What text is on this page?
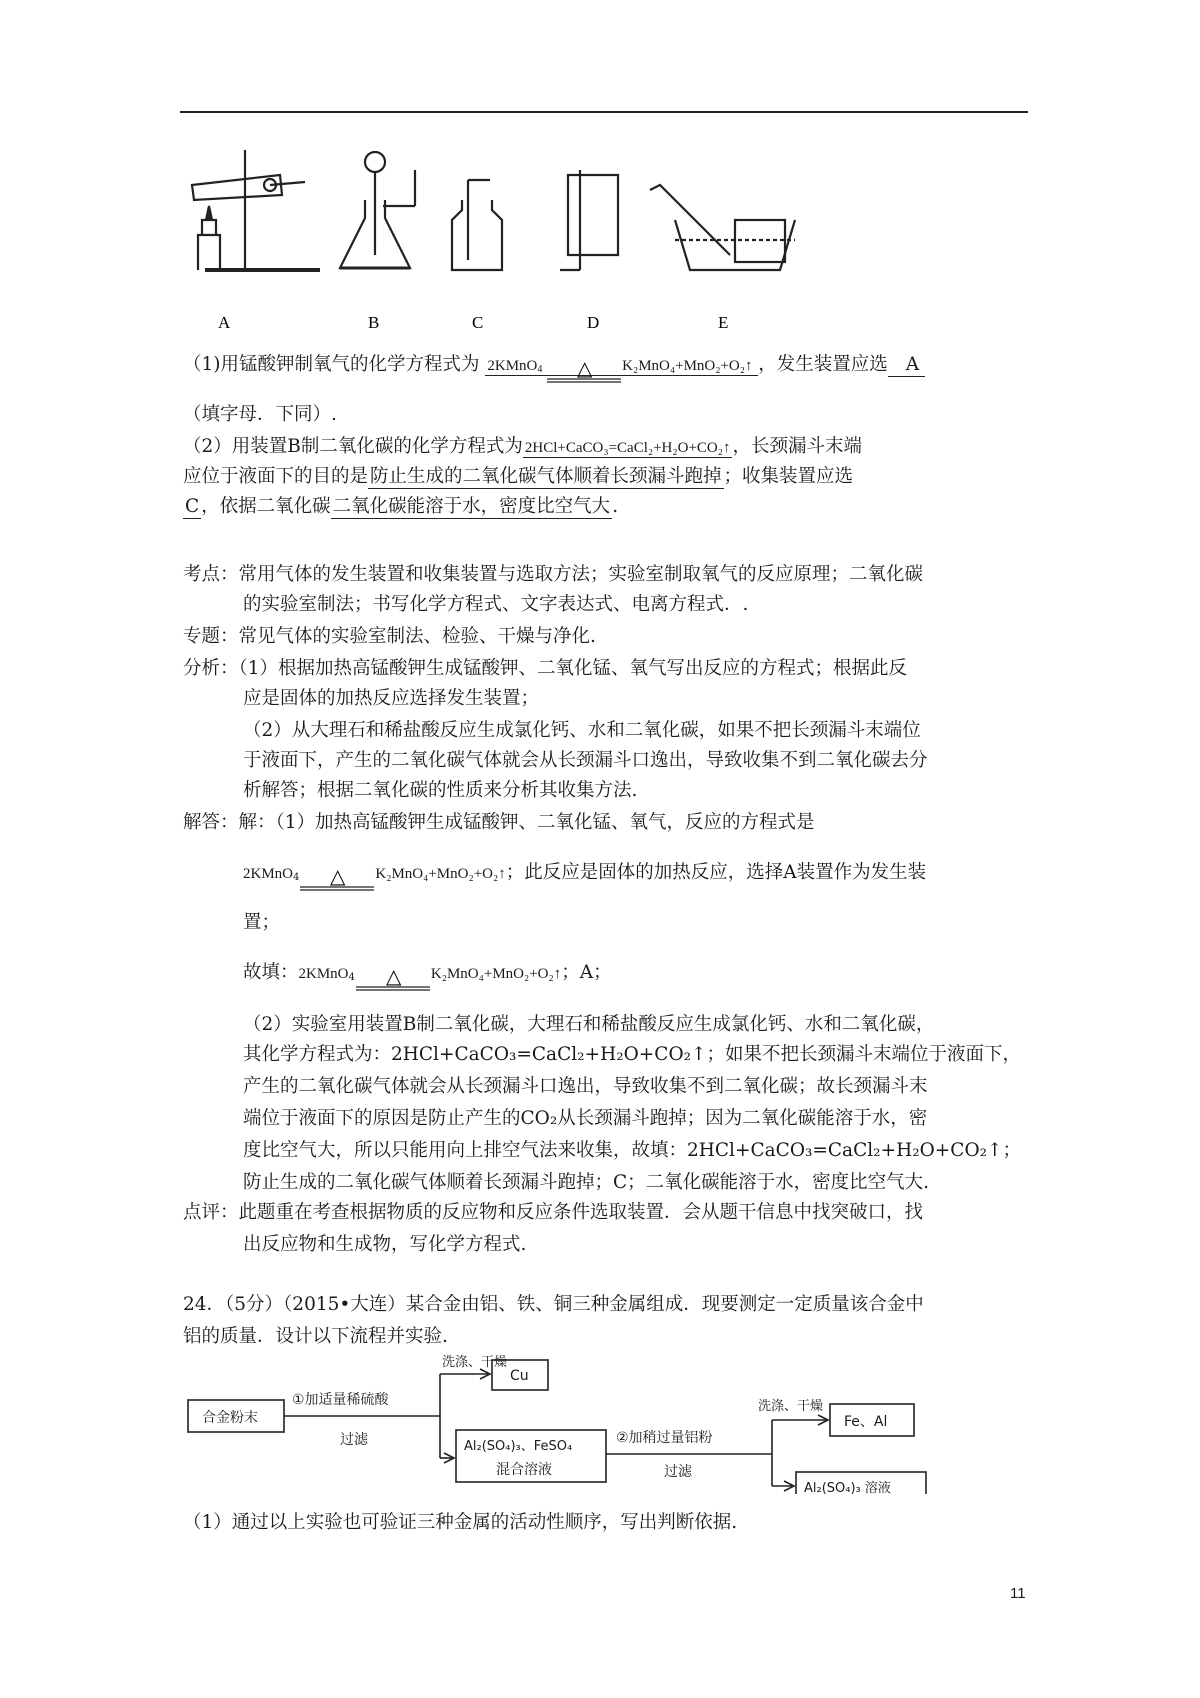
A	B	C	D	E
（1)用锰酸钾制氧气的化学方程式为 2KMnO$_4$ △ K₂MnO₄+MnO₂+O₂↑ ，发生装置应选 A
（填字母．下同）.
（2）用装置B制二氧化碳的化学方程式为 2HCl+CaCO₃=CaCl₂+H₂O+CO₂↑ ，长颈漏斗末端
应位于液面下的目的是 防止生成的二氧化碳气体顺着长颈漏斗跑掉 ；收集装置应选
C ，依据二氧化碳 二氧化碳能溶于水，密度比空气大 .
考点：常用气体的发生装置和收集装置与选取方法；实验室制取氧气的反应原理；二氧化碳
的实验室制法；书写化学方程式、文字表达式、电离方程式．.
专题：常见气体的实验室制法、检验、干燥与净化.
分析：（1）根据加热高锰酸钾生成锰酸钾、二氧化锰、氧气写出反应的方程式；根据此反
应是固体的加热反应选择发生装置；
（2）从大理石和稀盐酸反应生成氯化钙、水和二氧化碳，如果不把长颈漏斗末端位
于液面下，产生的二氧化碳气体就会从长颈漏斗口逸出，导致收集不到二氧化碳去分
析解答；根据二氧化碳的性质来分析其收集方法.
解答：解：（1）加热高锰酸钾生成锰酸钾、二氧化锰、氧气，反应的方程式是
2KMnO$_4$ △ K₂MnO₄+MnO₂+O₂↑；此反应是固体的加热反应，选择A装置作为发生装
置；
故填：2KMnO$_4$ △ K₂MnO₄+MnO₂+O₂↑；A；
（2）实验室用装置B制二氧化碳，大理石和稀盐酸反应生成氯化钙、水和二氧化碳，
其化学方程式为：2HCl+CaCO₃=CaCl₂+H₂O+CO₂↑；如果不把长颈漏斗末端位于液面下，
产生的二氧化碳气体就会从长颈漏斗口逸出，导致收集不到二氧化碳；故长颈漏斗末
端位于液面下的原因是防止产生的CO₂从长颈漏斗跑掉；因为二氧化碳能溶于水，密
度比空气大，所以只能用向上排空气法来收集，故填：2HCl+CaCO₃=CaCl₂+H₂O+CO₂↑；
防止生成的二氧化碳气体顺着长颈漏斗跑掉；C；二氧化碳能溶于水，密度比空气大.
点评：此题重在考查根据物质的反应物和反应条件选取装置．会从题干信息中找突破口，找
出反应物和生成物，写化学方程式.
24．（5分）（2015•大连）某合金由铝、铁、铜三种金属组成．现要测定一定质量该合金中
铝的质量．设计以下流程并实验.
合金粉末
①加适量稀硫酸
过滤
洗涤、干燥
Cu
Al₂(SO₄)₃、FeSO₄
混合溶液
②加稍过量铝粉
过滤
洗涤、干燥
Fe、Al
Al₂(SO₄)₃ 溶液
（1）通过以上实验也可验证三种金属的活动性顺序，写出判断依据.
11
